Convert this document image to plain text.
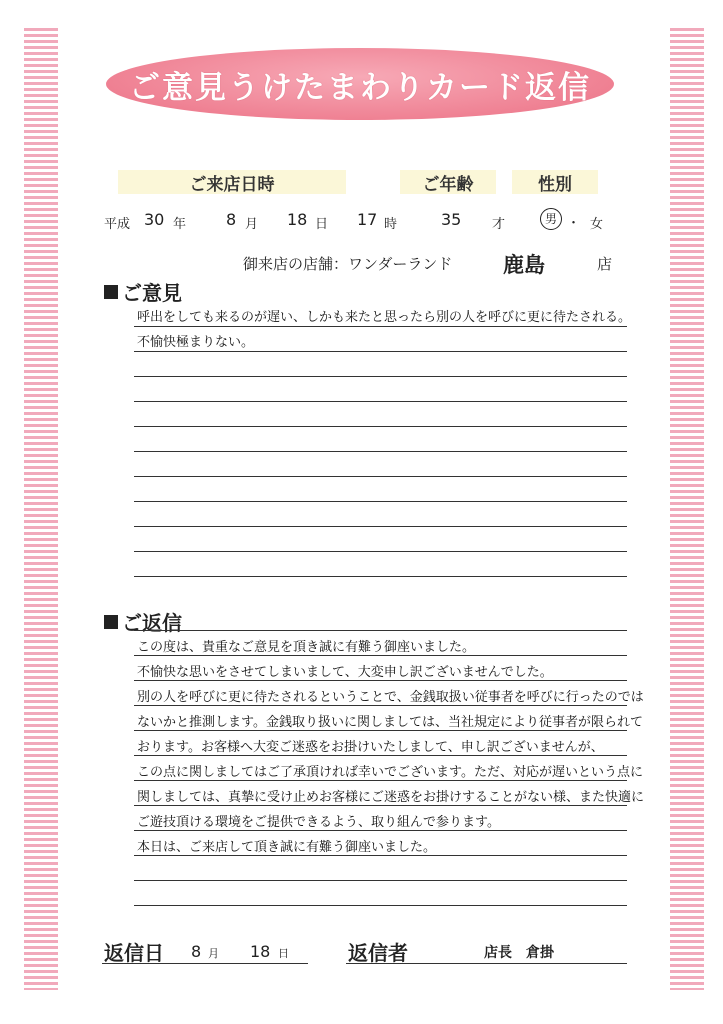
ご意見うけたまわりカード返信
ご来店日時	ご年齢	性別
平成 30 年 8 月 18 日 17 時	35 才	男 ・ 女
御来店の店舗：ワンダーランド 鹿島	店
ご意見
呼出をしても来るのが遅い、しかも来たと思ったら別の人を呼びに更に待たされる。
不愉快極まりない。
ご返信
この度は、貴重なご意見を頂き誠に有難う御座いました。
不愉快な思いをさせてしまいまして、大変申し訳ございませんでした。
別の人を呼びに更に待たされるということで、金銭取扱い従事者を呼びに行ったのでは
ないかと推測します。金銭取り扱いに関しましては、当社規定により従事者が限られて
おります。お客様へ大変ご迷惑をお掛けいたしまして、申し訳ございませんが、
この点に関しましてはご了承頂ければ幸いでございます。ただ、対応が遅いという点に
関しましては、真摯に受け止めお客様にご迷惑をお掛けすることがない様、また快適に
ご遊技頂ける環境をご提供できるよう、取り組んで参ります。
本日は、ご来店して頂き誠に有難う御座いました。
返信日 8 月 18 日	返信者	店長　倉掛
